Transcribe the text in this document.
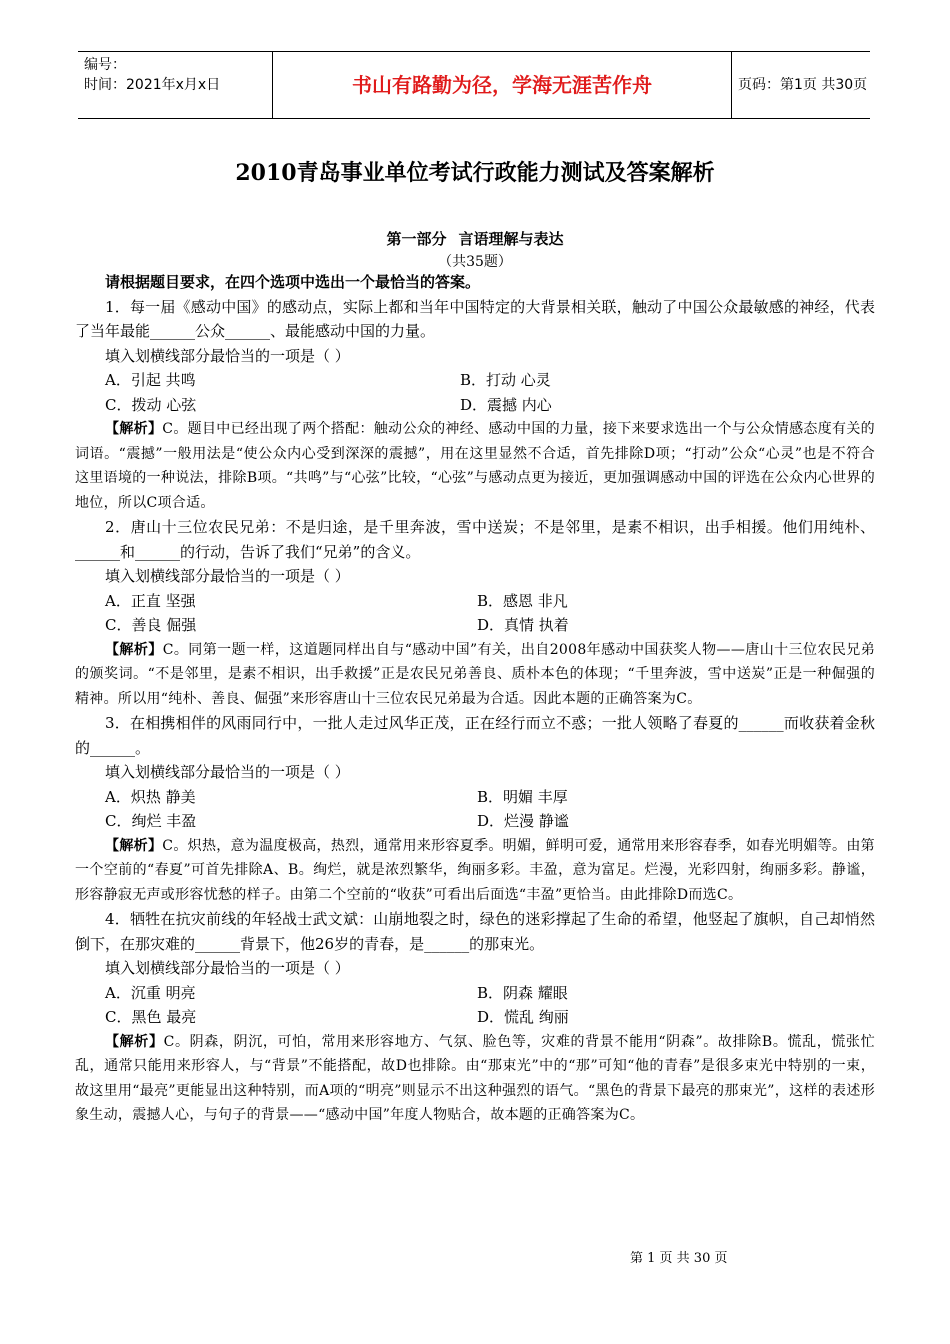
编号：
时间：2021年x月x日	书山有路勤为径，学海无涯苦作舟	页码：第1页 共30页
2010青岛事业单位考试行政能力测试及答案解析
第一部分 言语理解与表达
（共35题）

请根据题目要求，在四个选项中选出一个最恰当的答案。

1．每一届《感动中国》的感动点，实际上都和当年中国特定的大背景相关联，触动了中国公众最敏感的神经，代表了当年最能______公众______、最能感动中国的力量。

填入划横线部分最恰当的一项是（ ）

A．引起 共鸣	B．打动 心灵
C．拨动 心弦	D．震撼 内心

【解析】C。题目中已经出现了两个搭配：触动公众的神经、感动中国的力量，接下来要求选出一个与公众情感态度有关的词语。“震撼”一般用法是“使公众内心受到深深的震撼”，用在这里显然不合适，首先排除D项；“打动”公众“心灵”也是不符合这里语境的一种说法，排除B项。“共鸣”与“心弦”比较，“心弦”与感动点更为接近，更加强调感动中国的评选在公众内心世界的地位，所以C项合适。

2．唐山十三位农民兄弟：不是归途，是千里奔波，雪中送炭；不是邻里，是素不相识，出手相援。他们用纯朴、______和______的行动，告诉了我们“兄弟”的含义。

填入划横线部分最恰当的一项是（ ）

A．正直 坚强	B．感恩 非凡
C．善良 倔强	D．真情 执着

【解析】C。同第一题一样，这道题同样出自与“感动中国”有关，出自2008年感动中国获奖人物——唐山十三位农民兄弟的颁奖词。“不是邻里，是素不相识，出手救援”正是农民兄弟善良、质朴本色的体现；“千里奔波，雪中送炭”正是一种倔强的精神。所以用“纯朴、善良、倔强”来形容唐山十三位农民兄弟最为合适。因此本题的正确答案为C。

3．在相携相伴的风雨同行中，一批人走过风华正茂，正在经行而立不惑；一批人领略了春夏的______而收获着金秋的______。

填入划横线部分最恰当的一项是（ ）

A．炽热 静美	B．明媚 丰厚
C．绚烂 丰盈	D．烂漫 静谧

【解析】C。炽热，意为温度极高，热烈，通常用来形容夏季。明媚，鲜明可爱，通常用来形容春季，如春光明媚等。由第一个空前的“春夏”可首先排除A、B。绚烂，就是浓烈繁华，绚丽多彩。丰盈，意为富足。烂漫，光彩四射，绚丽多彩。静谧，形容静寂无声或形容忧愁的样子。由第二个空前的“收获”可看出后面选“丰盈”更恰当。由此排除D而选C。

4．牺牲在抗灾前线的年轻战士武文斌：山崩地裂之时，绿色的迷彩撑起了生命的希望，他竖起了旗帜，自己却悄然倒下，在那灾难的______背景下，他26岁的青春，是______的那束光。

填入划横线部分最恰当的一项是（ ）

A．沉重 明亮	B．阴森 耀眼
C．黑色 最亮	D．慌乱 绚丽

【解析】C。阴森，阴沉，可怕，常用来形容地方、气氛、脸色等，灾难的背景不能用“阴森”。故排除B。慌乱，慌张忙乱，通常只能用来形容人，与“背景”不能搭配，故D也排除。由“那束光”中的“那”可知“他的青春”是很多束光中特别的一束，故这里用“最亮”更能显出这种特别，而A项的“明亮”则显示不出这种强烈的语气。“黑色的背景下最亮的那束光”，这样的表述形象生动，震撼人心，与句子的背景——“感动中国”年度人物贴合，故本题的正确答案为C。

第 1 页 共 30 页
